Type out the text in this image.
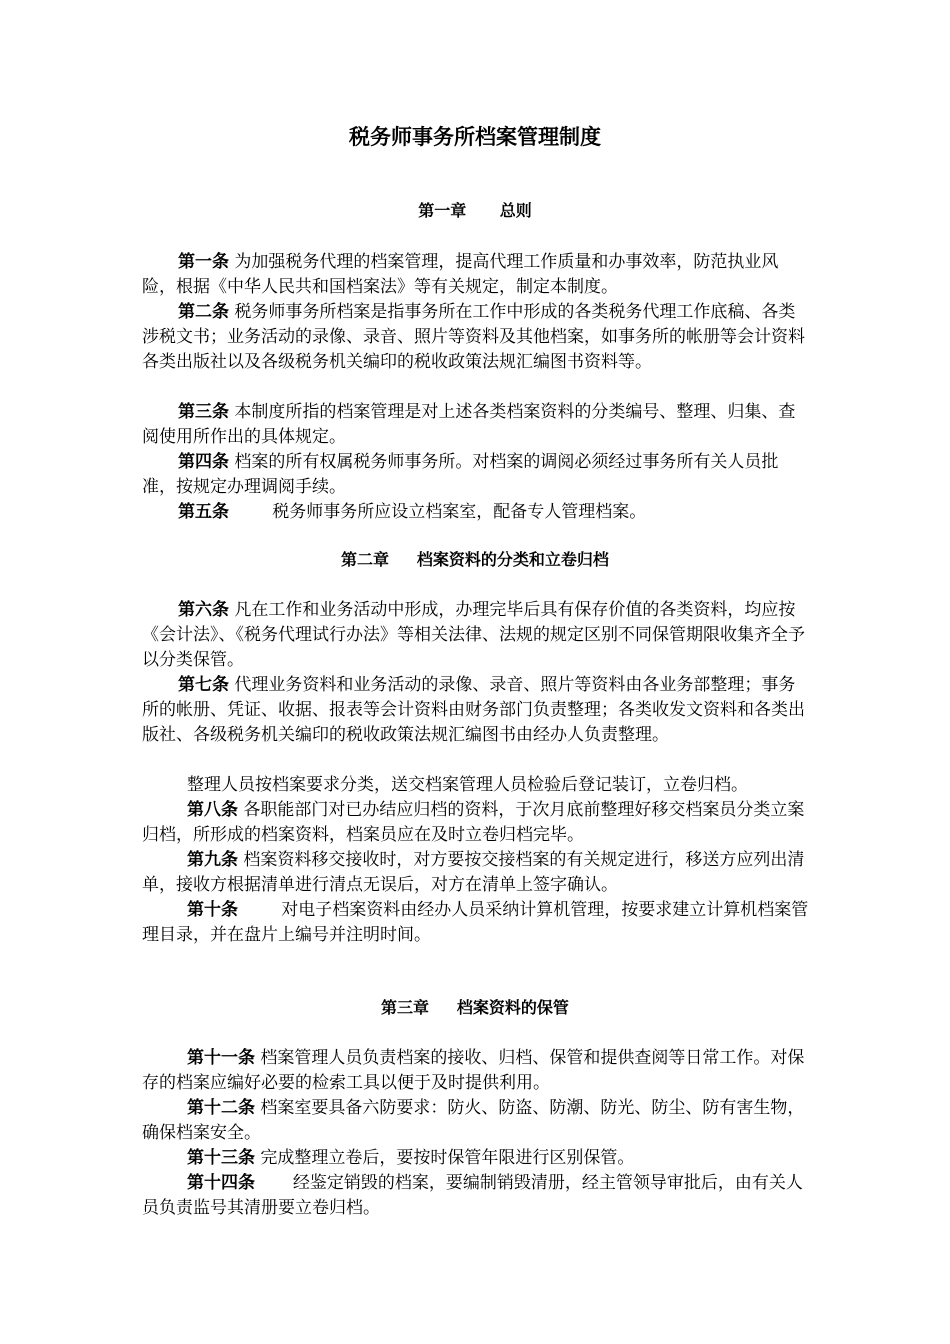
税务师事务所档案管理制度
第一章 总则

第一条 为加强税务代理的档案管理，提高代理工作质量和办事效率，防范执业风险，根据《中华人民共和国档案法》等有关规定，制定本制度。

第二条 税务师事务所档案是指事务所在工作中形成的各类税务代理工作底稿、各类涉税文书；业务活动的录像、录音、照片等资料及其他档案，如事务所的帐册等会计资料各类出版社以及各级税务机关编印的税收政策法规汇编图书资料等。

第三条 本制度所指的档案管理是对上述各类档案资料的分类编号、整理、归集、查阅使用所作出的具体规定。

第四条 档案的所有权属税务师事务所。对档案的调阅必须经过事务所有关人员批准，按规定办理调阅手续。

第五条	税务师事务所应设立档案室，配备专人管理档案。

第二章 档案资料的分类和立卷归档

第六条 凡在工作和业务活动中形成，办理完毕后具有保存价值的各类资料，均应按《会计法》、《税务代理试行办法》等相关法律、法规的规定区别不同保管期限收集齐全予以分类保管。

第七条 代理业务资料和业务活动的录像、录音、照片等资料由各业务部整理；事务所的帐册、凭证、收据、报表等会计资料由财务部门负责整理；各类收发文资料和各类出版社、各级税务机关编印的税收政策法规汇编图书由经办人负责整理。

整理人员按档案要求分类，送交档案管理人员检验后登记装订，立卷归档。

第八条 各职能部门对已办结应归档的资料，于次月底前整理好移交档案员分类立案归档，所形成的档案资料，档案员应在及时立卷归档完毕。

第九条 档案资料移交接收时，对方要按交接档案的有关规定进行，移送方应列出清单，接收方根据清单进行清点无误后，对方在清单上签字确认。

第十条	对电子档案资料由经办人员采纳计算机管理，按要求建立计算机档案管理目录，并在盘片上编号并注明时间。

第三章 档案资料的保管

第十一条 档案管理人员负责档案的接收、归档、保管和提供查阅等日常工作。对保存的档案应编好必要的检索工具以便于及时提供利用。

第十二条 档案室要具备六防要求：防火、防盗、防潮、防光、防尘、防有害生物，确保档案安全。

第十三条 完成整理立卷后，要按时保管年限进行区别保管。

第十四条 经鉴定销毁的档案，要编制销毁清册，经主管领导审批后，由有关人员负责监号其清册要立卷归档。
